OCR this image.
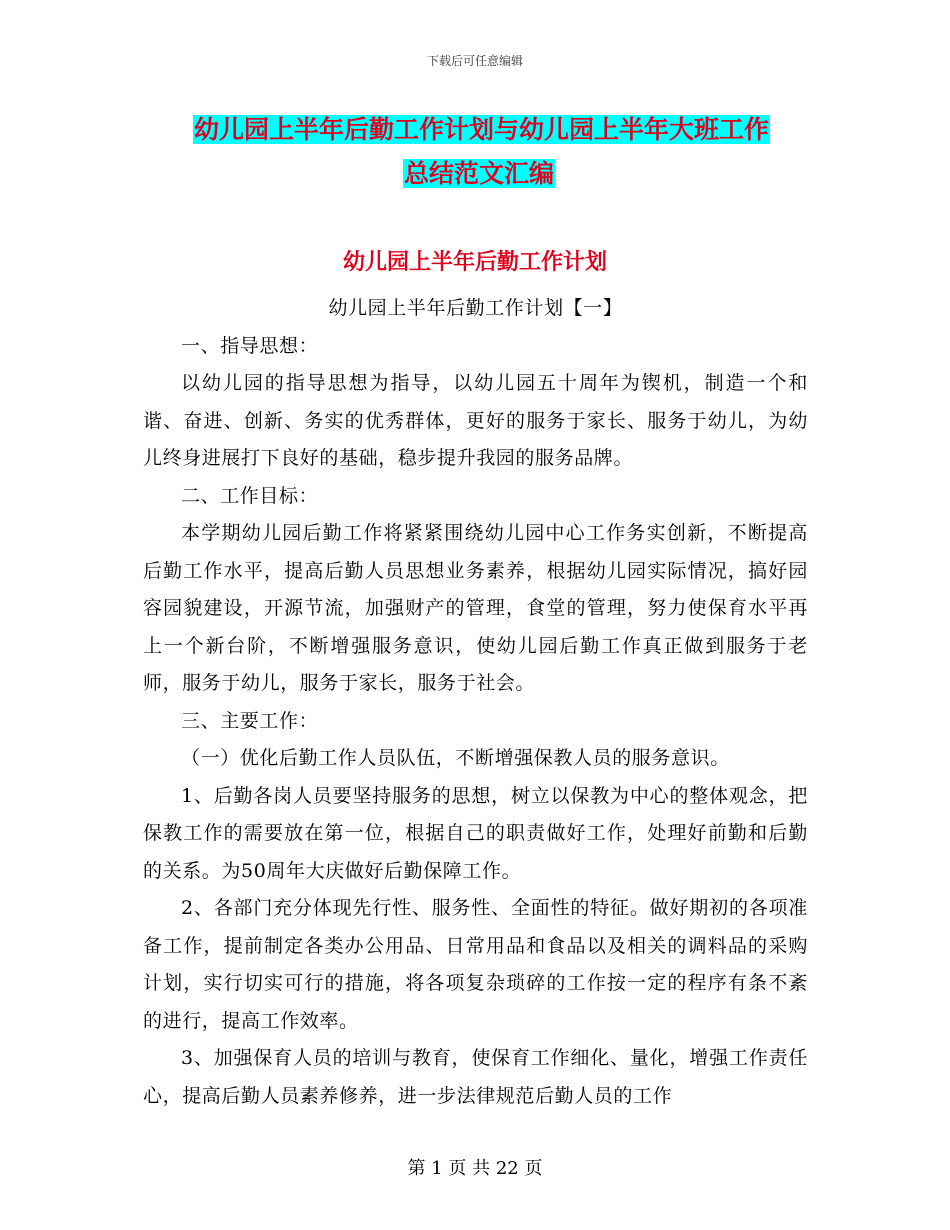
下载后可任意编辑
幼儿园上半年后勤工作计划与幼儿园上半年大班工作
总结范文汇编
幼儿园上半年后勤工作计划

幼儿园上半年后勤工作计划【一】

一、指导思想：

以幼儿园的指导思想为指导，以幼儿园五十周年为锲机，制造一个和谐、奋进、创新、务实的优秀群体，更好的服务于家长、服务于幼儿，为幼儿终身进展打下良好的基础，稳步提升我园的服务品牌。

二、工作目标：

本学期幼儿园后勤工作将紧紧围绕幼儿园中心工作务实创新，不断提高后勤工作水平，提高后勤人员思想业务素养，根据幼儿园实际情况，搞好园容园貌建设，开源节流，加强财产的管理，食堂的管理，努力使保育水平再上一个新台阶，不断增强服务意识，使幼儿园后勤工作真正做到服务于老师，服务于幼儿，服务于家长，服务于社会。

三、主要工作：

（一）优化后勤工作人员队伍，不断增强保教人员的服务意识。

1、后勤各岗人员要坚持服务的思想，树立以保教为中心的整体观念，把保教工作的需要放在第一位，根据自己的职责做好工作，处理好前勤和后勤的关系。为50周年大庆做好后勤保障工作。

2、各部门充分体现先行性、服务性、全面性的特征。做好期初的各项准备工作，提前制定各类办公用品、日常用品和食品以及相关的调料品的采购计划，实行切实可行的措施，将各项复杂琐碎的工作按一定的程序有条不紊的进行，提高工作效率。

3、加强保育人员的培训与教育，使保育工作细化、量化，增强工作责任心，提高后勤人员素养修养，进一步法律规范后勤人员的工作

第 1 页 共 22 页
